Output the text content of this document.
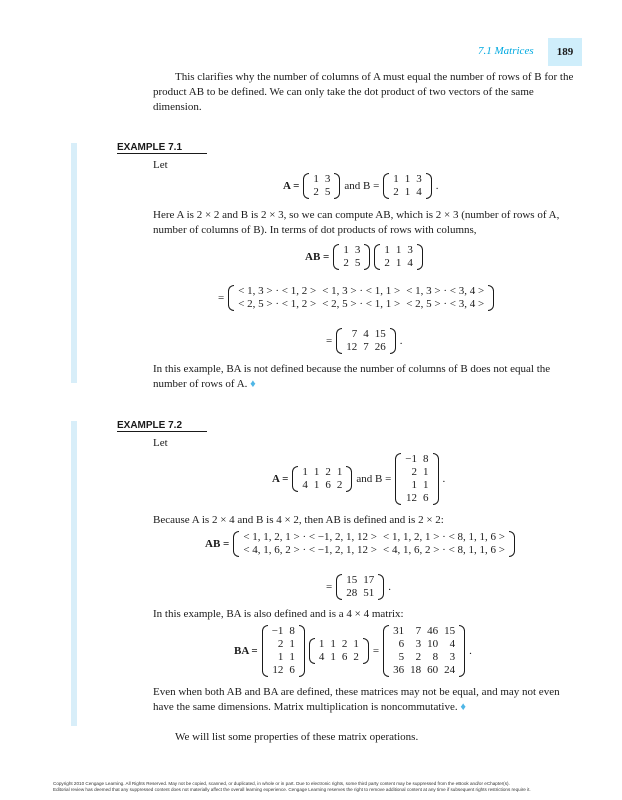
7.1 Matrices	189
This clarifies why the number of columns of A must equal the number of rows of B for the product AB to be defined. We can only take the dot product of two vectors of the same dimension.
EXAMPLE 7.1
Let
A =
1	3
2	5
and B =
1	1	3
2	1	4
.
Here A is 2 × 2 and B is 2 × 3, so we can compute AB, which is 2 × 3 (number of rows of A, number of columns of B). In terms of dot products of rows with columns,
AB =
1	3
2	5
1	1	3
2	1	4
=
< 1, 3 > · < 1, 2 >	< 1, 3 > · < 1, 1 >	< 1, 3 > · < 3, 4 >
< 2, 5 > · < 1, 2 >	< 2, 5 > · < 1, 1 >	< 2, 5 > · < 3, 4 >
=
7	4	15
12	7	26
.
In this example, BA is not defined because the number of columns of B does not equal the number of rows of A. ♦
EXAMPLE 7.2
Let
A =
1	1	2	1
4	1	6	2
and B =
−1	8
2	1
1	1
12	6
.
Because A is 2 × 4 and B is 4 × 2, then AB is defined and is 2 × 2:
AB =
< 1, 1, 2, 1 > · < −1, 2, 1, 12 >	< 1, 1, 2, 1 > · < 8, 1, 1, 6 >
< 4, 1, 6, 2 > · < −1, 2, 1, 12 >	< 4, 1, 6, 2 > · < 8, 1, 1, 6 >
=
15	17
28	51
.
In this example, BA is also defined and is a 4 × 4 matrix:
BA =
−1	8
2	1
1	1
12	6
1	1	2	1
4	1	6	2
=
31	7	46	15
6	3	10	4
5	2	8	3
36	18	60	24
.
Even when both AB and BA are defined, these matrices may not be equal, and may not even have the same dimensions. Matrix multiplication is noncommutative. ♦
We will list some properties of these matrix operations.
Copyright 2010 Cengage Learning. All Rights Reserved. May not be copied, scanned, or duplicated, in whole or in part. Due to electronic rights, some third party content may be suppressed from the eBook and/or eChapter(s).
Editorial review has deemed that any suppressed content does not materially affect the overall learning experience. Cengage Learning reserves the right to remove additional content at any time if subsequent rights restrictions require it.
